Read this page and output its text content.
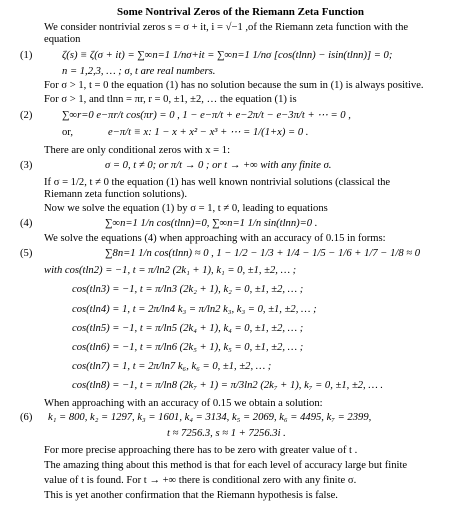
Some Nontrival Zeros of the Riemann Zeta Function
We consider nontrivial zeros s = σ + it, i = √−1 ,of the Riemann zeta function with the
equation
(1)	ζ(s) ≡ ζ(σ + it) = ∑∞n=1 1/nσ+it = ∑∞n=1 1/nσ [cos(tlnn) − isin(tlnn)] = 0;
n = 1,2,3, … ; σ, t are real numbers.
For σ > 1, t = 0 the equation (1) has no solution because the sum in (1) is always positive.
For σ > 1, and tlnn = πr, r = 0, ±1, ±2, … the equation (1) is
(2)	∑∞r=0 e−πr/t cos(πr) = 0 , 1 − e−π/t + e−2π/t − e−3π/t + ⋯ = 0 ,
or,	e−π/t ≡ x: 1 − x + x² − x³ + ⋯ = 1/(1+x) = 0 .
There are only conditional zeros with x = 1:
(3)	σ = 0, t ≠ 0; or π/t → 0 ; or t → +∞ with any finite σ.
If σ = 1/2, t ≠ 0 the equation (1) has well known nontrivial solutions (classical the
Riemann zeta function solutions).
Now we solve the equation (1) by σ = 1, t ≠ 0, leading to equations
(4)	∑∞n=1 1/n cos(tlnn)=0, ∑∞n=1 1/n sin(tlnn)=0 .
We solve the equations (4) when approaching with an accuracy of 0.15 in forms:
(5)	∑8n=1 1/n cos(tlnn) ≈ 0 , 1 − 1/2 − 1/3 + 1/4 − 1/5 − 1/6 + 1/7 − 1/8 ≈ 0
with cos(tln2) = −1, t = π/ln2 (2k₁ + 1), k₁ = 0, ±1, ±2, … ;
cos(tln3) = −1, t = π/ln3 (2k₂ + 1), k₂ = 0, ±1, ±2, … ;
cos(tln4) = 1, t = 2π/ln4 k₃ = π/ln2 k₃, k₃ = 0, ±1, ±2, … ;
cos(tln5) = −1, t = π/ln5 (2k₄ + 1), k₄ = 0, ±1, ±2, … ;
cos(tln6) = −1, t = π/ln6 (2k₅ + 1), k₅ = 0, ±1, ±2, … ;
cos(tln7) = 1, t = 2π/ln7 k₆, k₆ = 0, ±1, ±2, … ;
cos(tln8) = −1, t = π/ln8 (2k₇ + 1) = π/3ln2 (2k₇ + 1), k₇ = 0, ±1, ±2, … .
When approaching with an accuracy of 0.15 we obtain a solution:
(6) k₁ = 800, k₂ = 1297, k₃ = 1601, k₄ = 3134, k₅ = 2069, k₆ = 4495, k₇ = 2399,
t ≈ 7256.3, s ≈ 1 + 7256.3i .
For more precise approaching there has to be zero with greater value of t .
The amazing thing about this method is that for each level of accuracy large but finite
value of t is found. For t → +∞ there is conditional zero with any finite σ.
This is yet another confirmation that the Riemann hypothesis is false.
